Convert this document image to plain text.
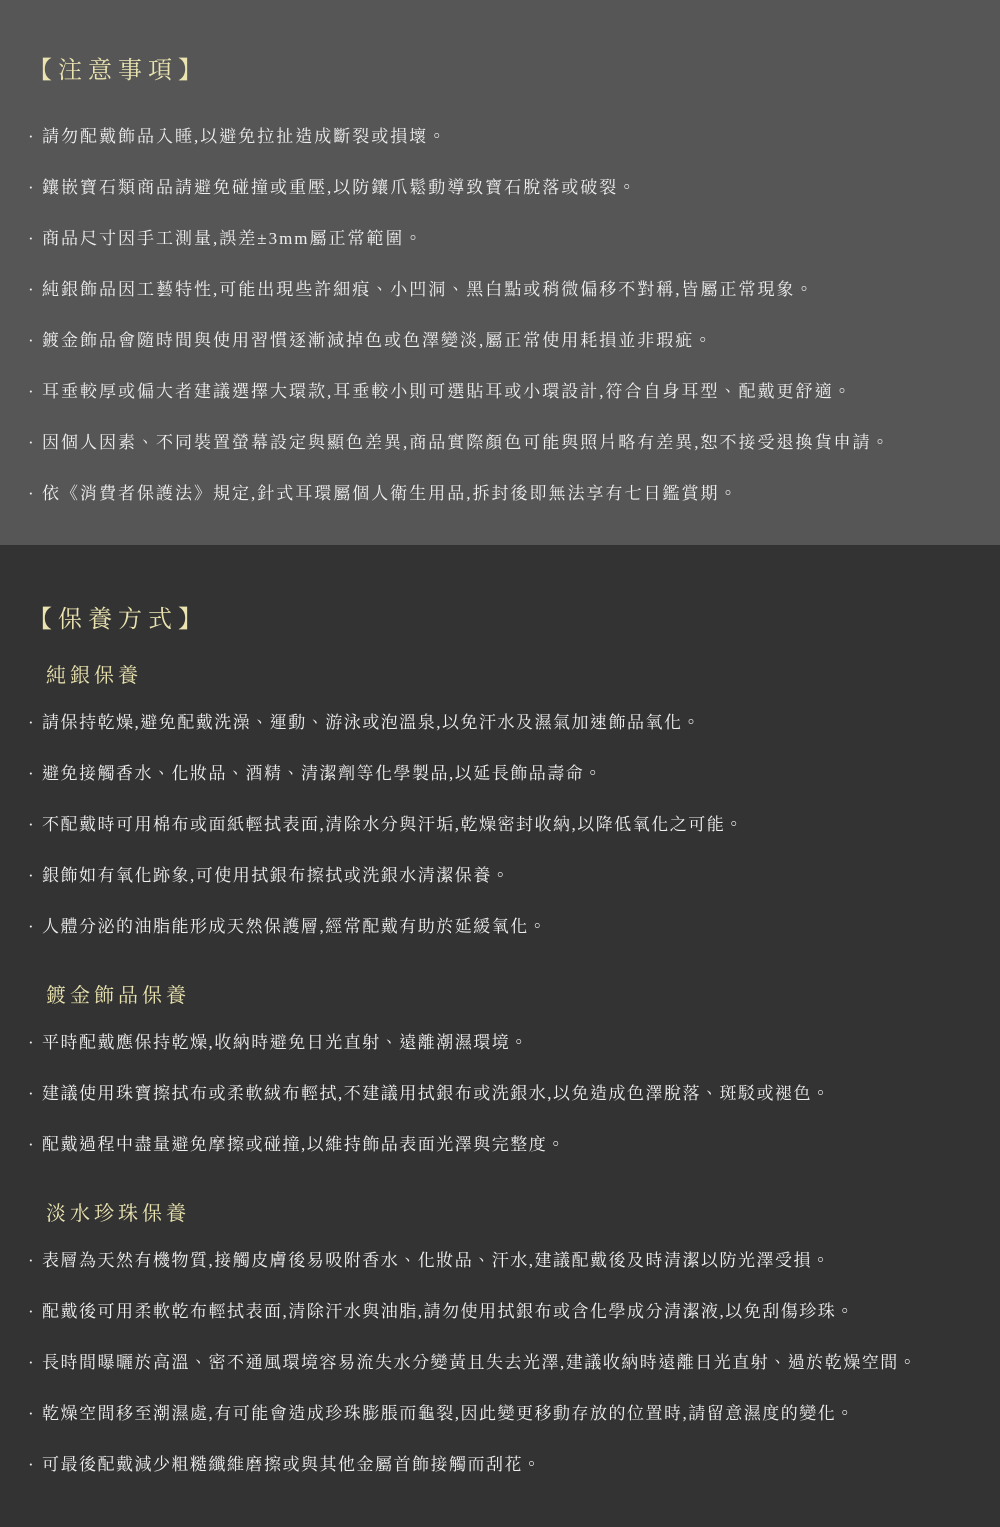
【注意事項】
· 請勿配戴飾品入睡,以避免拉扯造成斷裂或損壞。
· 鑲嵌寶石類商品請避免碰撞或重壓,以防鑲爪鬆動導致寶石脫落或破裂。
· 商品尺寸因手工測量,誤差±3mm屬正常範圍。
· 純銀飾品因工藝特性,可能出現些許細痕、小凹洞、黑白點或稍微偏移不對稱,皆屬正常現象。
· 鍍金飾品會隨時間與使用習慣逐漸減掉色或色澤變淡,屬正常使用耗損並非瑕疵。
· 耳垂較厚或偏大者建議選擇大環款,耳垂較小則可選貼耳或小環設計,符合自身耳型、配戴更舒適。
· 因個人因素、不同裝置螢幕設定與顯色差異,商品實際顏色可能與照片略有差異,恕不接受退換貨申請。
· 依《消費者保護法》規定,針式耳環屬個人衛生用品,拆封後即無法享有七日鑑賞期。
【保養方式】
純銀保養
· 請保持乾燥,避免配戴洗澡、運動、游泳或泡溫泉,以免汗水及濕氣加速飾品氧化。
· 避免接觸香水、化妝品、酒精、清潔劑等化學製品,以延長飾品壽命。
· 不配戴時可用棉布或面紙輕拭表面,清除水分與汗垢,乾燥密封收納,以降低氧化之可能。
· 銀飾如有氧化跡象,可使用拭銀布擦拭或洗銀水清潔保養。
· 人體分泌的油脂能形成天然保護層,經常配戴有助於延緩氧化。
鍍金飾品保養
· 平時配戴應保持乾燥,收納時避免日光直射、遠離潮濕環境。
· 建議使用珠寶擦拭布或柔軟絨布輕拭,不建議用拭銀布或洗銀水,以免造成色澤脫落、斑駁或褪色。
· 配戴過程中盡量避免摩擦或碰撞,以維持飾品表面光澤與完整度。
淡水珍珠保養
· 表層為天然有機物質,接觸皮膚後易吸附香水、化妝品、汗水,建議配戴後及時清潔以防光澤受損。
· 配戴後可用柔軟乾布輕拭表面,清除汗水與油脂,請勿使用拭銀布或含化學成分清潔液,以免刮傷珍珠。
· 長時間曝曬於高溫、密不通風環境容易流失水分變黃且失去光澤,建議收納時遠離日光直射、過於乾燥空間。
· 乾燥空間移至潮濕處,有可能會造成珍珠膨脹而龜裂,因此變更移動存放的位置時,請留意濕度的變化。
· 可最後配戴減少粗糙纖維磨擦或與其他金屬首飾接觸而刮花。
